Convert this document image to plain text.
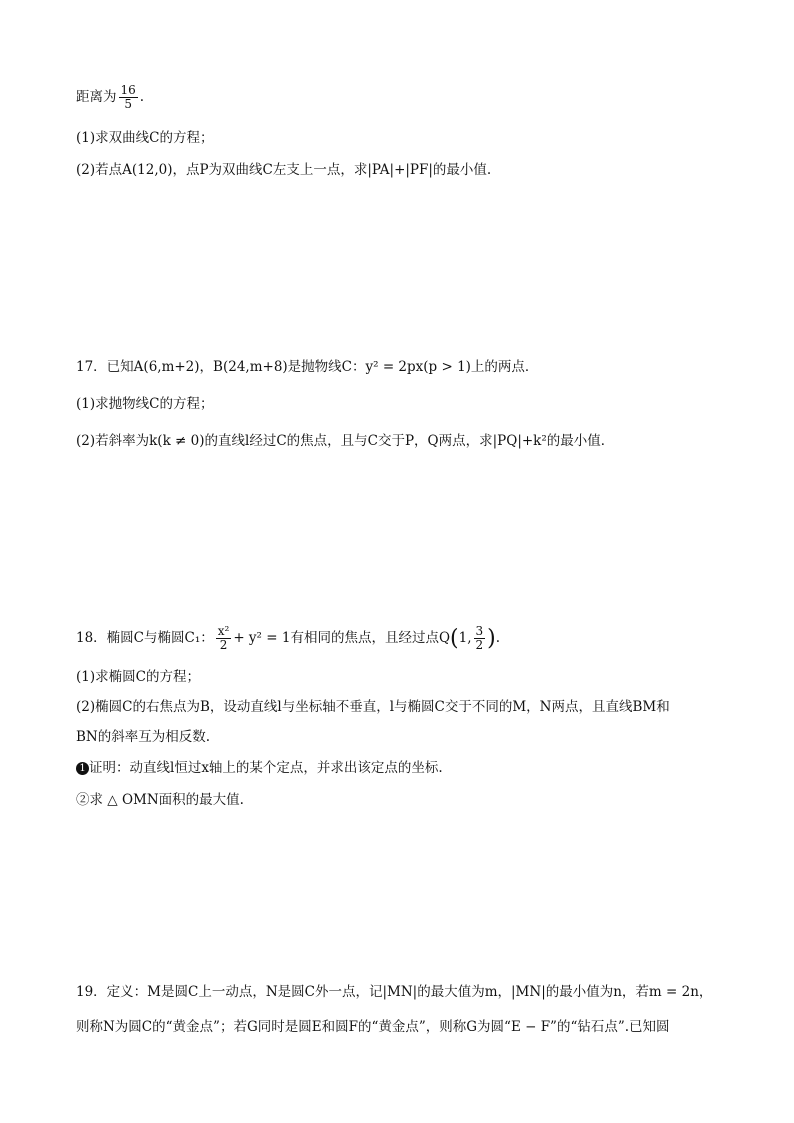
距离为 $\frac{16}{5}$ .
(1)求双曲线C的方程；
(2)若点A(12,0)，点P为双曲线C左支上一点，求|PA|+|PF|的最小值.
17．已知A(6,m+2)，B(24,m+8)是抛物线C：y² = 2px(p > 1)上的两点．
(1)求抛物线C的方程；
(2)若斜率为k(k ≠ 0)的直线l经过C的焦点，且与C交于P，Q两点，求|PQ|+k²的最小值．
18．椭圆C与椭圆C₁： $\frac{\text{x²}}{2} + y^2 = 1$有相同的焦点，且经过点Q(1, $\frac{3}{2}$ ).
(1)求椭圆C的方程；
(2)椭圆C的右焦点为B，设动直线l与坐标轴不垂直，l与椭圆C交于不同的M，N两点，且直线BM和
BN的斜率互为相反数.
1 证明：动直线l恒过x轴上的某个定点，并求出该定点的坐标.
②求 △ OMN面积的最大值.
19．定义：M是圆C上一动点，N是圆C外一点，记|MN|的最大值为m，|MN|的最小值为n，若m = 2n，
则称N为圆C的“黄金点”；若G同时是圆E和圆F的“黄金点”，则称G为圆“E − F”的“钻石点”.已知圆
